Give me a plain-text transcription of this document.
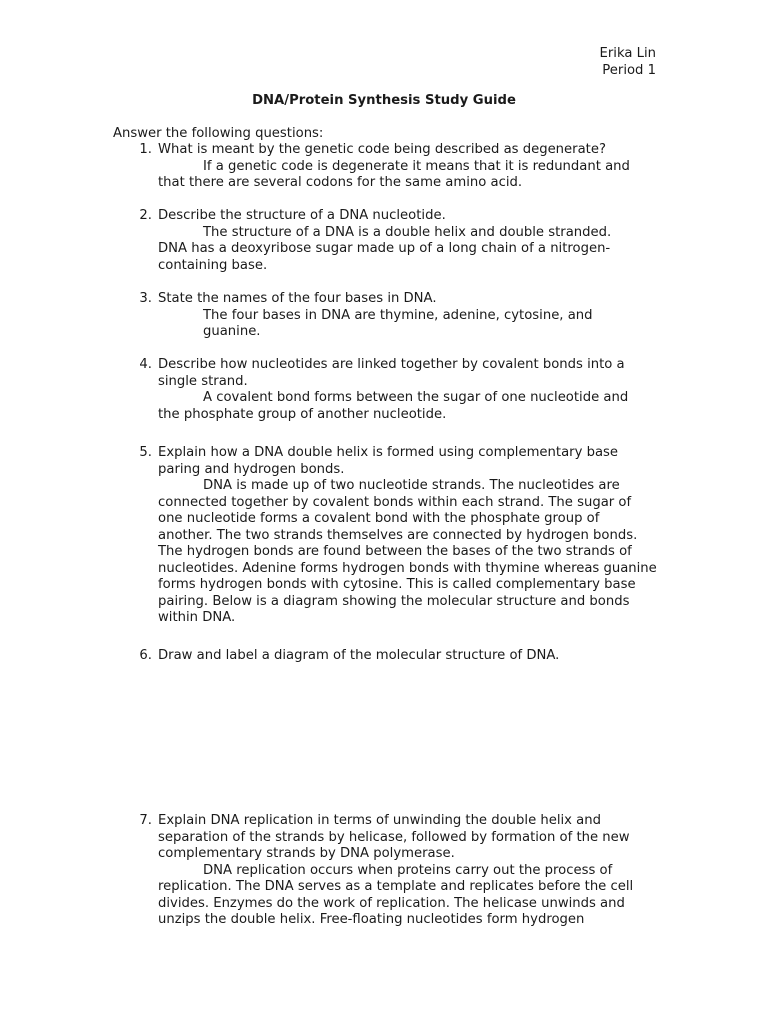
Erika Lin
Period 1
DNA/Protein Synthesis Study Guide
Answer the following questions:
1. What is meant by the genetic code being described as degenerate?

If a genetic code is degenerate it means that it is redundant and that there are several codons for the same amino acid.

2. Describe the structure of a DNA nucleotide.

The structure of a DNA is a double helix and double stranded. DNA has a deoxyribose sugar made up of a long chain of a nitrogen-containing base.

3. State the names of the four bases in DNA.

The four bases in DNA are thymine, adenine, cytosine, and guanine.

4. Describe how nucleotides are linked together by covalent bonds into a single strand.

A covalent bond forms between the sugar of one nucleotide and the phosphate group of another nucleotide.

5. Explain how a DNA double helix is formed using complementary base paring and hydrogen bonds.

DNA is made up of two nucleotide strands. The nucleotides are connected together by covalent bonds within each strand. The sugar of one nucleotide forms a covalent bond with the phosphate group of another. The two strands themselves are connected by hydrogen bonds. The hydrogen bonds are found between the bases of the two strands of nucleotides. Adenine forms hydrogen bonds with thymine whereas guanine forms hydrogen bonds with cytosine. This is called complementary base pairing. Below is a diagram showing the molecular structure and bonds within DNA.

6. Draw and label a diagram of the molecular structure of DNA.

7. Explain DNA replication in terms of unwinding the double helix and separation of the strands by helicase, followed by formation of the new complementary strands by DNA polymerase.

DNA replication occurs when proteins carry out the process of replication. The DNA serves as a template and replicates before the cell divides. Enzymes do the work of replication. The helicase unwinds and unzips the double helix. Free-floating nucleotides form hydrogen
